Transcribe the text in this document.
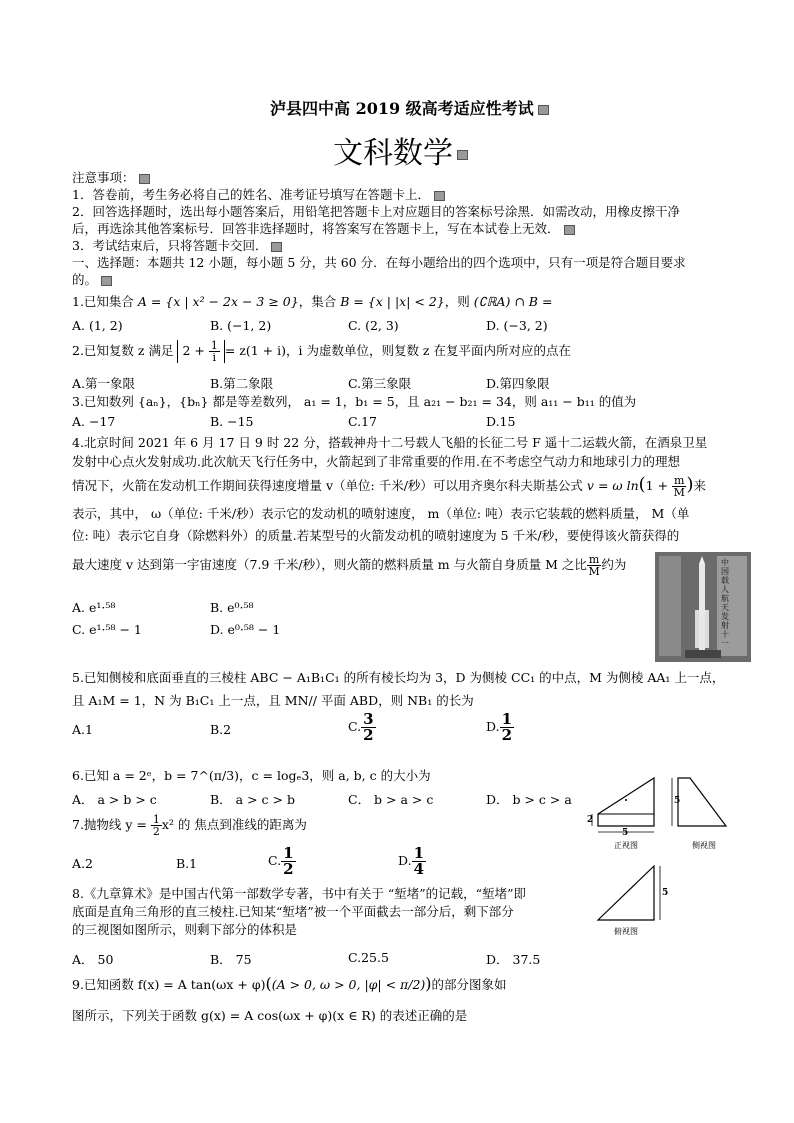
泸县四中高 2019 级高考适应性考试
文科数学
注意事项：
1．答卷前，考生务必将自己的姓名、准考证号填写在答题卡上．
2．回答选择题时，选出每小题答案后，用铅笔把答题卡上对应题目的答案标号涂黑．如需改动，用橡皮擦干净
后，再选涂其他答案标号．回答非选择题时，将答案写在答题卡上，写在本试卷上无效．
3．考试结束后，只将答题卡交回．
一、选择题：本题共 12 小题，每小题 5 分，共 60 分．在每小题给出的四个选项中，只有一项是符合题目要求
的。
1.已知集合 A = {x | x² − 2x − 3 ≥ 0}，集合 B = {x | |x| < 2}，则 (∁ℝA) ∩ B =
A. (1, 2)	B. (−1, 2)	C. (2, 3)	D. (−3, 2)
2.已知复数 z 满足 $2 + \frac{1}{i} = z(1 + i)$，i 为虚数单位，则复数 z 在复平面内所对应的点在
A.第一象限	B.第二象限	C.第三象限	D.第四象限
3.已知数列 {aₙ}，{bₙ} 都是等差数列， a₁ = 1，b₁ = 5，且 a₂₁ − b₂₁ = 34，则 a₁₁ − b₁₁ 的值为
A. −17	B. −15	C.17	D.15
4.北京时间 2021 年 6 月 17 日 9 时 22 分，搭载神舟十二号载人飞船的长征二号 F 遥十二运载火箭，在酒泉卫星
发射中心点火发射成功.此次航天飞行任务中，火箭起到了非常重要的作用.在不考虑空气动力和地球引力的理想
情况下，火箭在发动机工作期间获得速度增量 v（单位: 千米/秒）可以用齐奥尔科夫斯基公式 v = ω $\ln(1 + \frac{m}{M}$ )来
表示，其中， ω（单位: 千米/秒）表示它的发动机的喷射速度， m（单位: 吨）表示它装载的燃料质量， M（单
位: 吨）表示它自身（除燃料外）的质量.若某型号的火箭发动机的喷射速度为 5 千米/秒，要使得该火箭获得的
最大速度 v 达到第一宇宙速度（7.9 千米/秒），则火箭的燃料质量 m 与火箭自身质量 M 之比 $\frac{m}{M}$ 约为
A. e¹·⁵⁸	B. e⁰·⁵⁸
C. e¹·⁵⁸ − 1	D. e⁰·⁵⁸ − 1
中国载人航天发射十一
5.已知侧棱和底面垂直的三棱柱 ABC − A₁B₁C₁ 的所有棱长均为 3，D 为侧棱 CC₁ 的中点，M 为侧棱 AA₁ 上一点，
且 A₁M = 1，N 为 B₁C₁ 上一点，且 MN// 平面 ABD，则 NB₁ 的长为
A.1	B.2	C. $\frac{3}{2}$	D. $\frac{1}{2}$
6.已知 a = 2ᵉ，b = 7^(π/3)，c = logₑ3，则 a, b, c 的大小为
A． a > b > c	B． a > c > b	C． b > a > c	D． b > c > a
7.抛物线 $y = \frac{1}{2} x^2$ 的 焦点到准线的距离为
A.2	B.1	C. $\frac{1}{2}$	D. $\frac{1}{4}$
8.《九章算术》是中国古代第一部数学专著，书中有关于 “堑堵”的记载，“堑堵”即
底面是直角三角形的直三棱柱.已知某“堑堵”被一个平面截去一部分后，剩下部分
的三视图如图所示，则剩下部分的体积是
A． 50	B． 75	C.25.5	D． 37.5
2
5
5
5
正视图	侧视图
俯视图
9.已知函数 f(x) = A tan(ωx + φ)((A > 0, ω > 0, |φ| < π/2))的部分图象如
图所示，下列关于函数 g(x) = A cos(ωx + φ)(x ∈ R) 的表述正确的是
